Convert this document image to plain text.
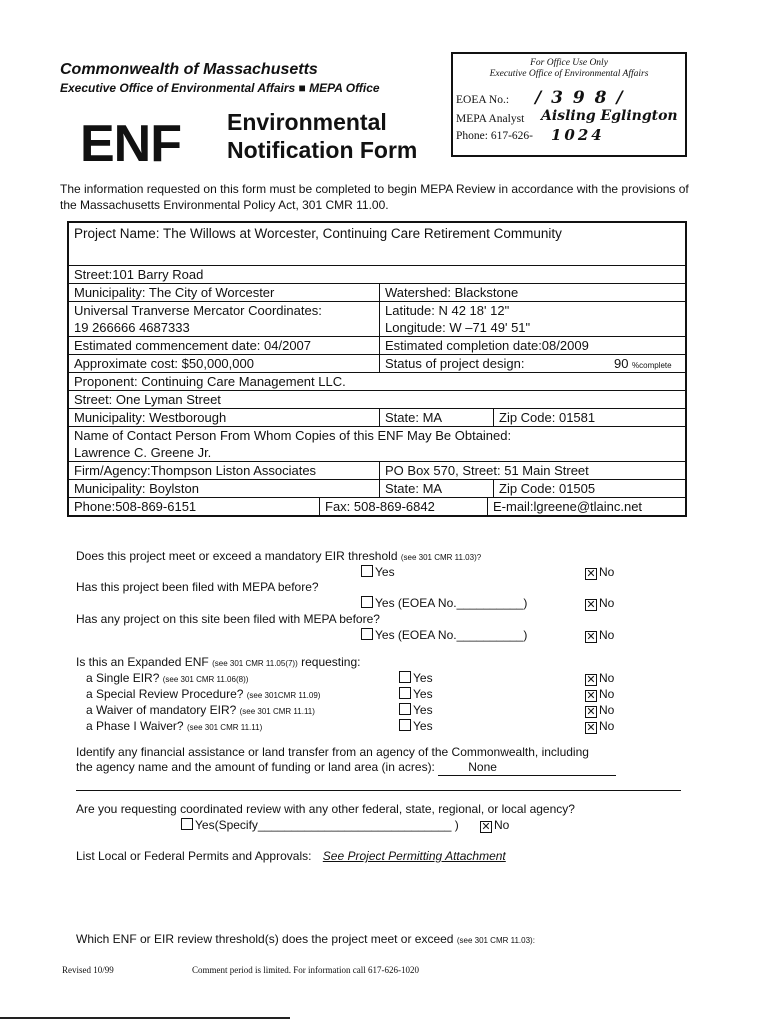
Commonwealth of Massachusetts
Executive Office of Environmental Affairs ■ MEPA Office
ENF Environmental
Notification Form
For Office Use Only
Executive Office of Environmental Affairs
EOEA No.: / 3 9 8 /
MEPA Analyst Aisling Eglington
Phone: 617-626- 1024
The information requested on this form must be completed to begin MEPA Review in accordance with the provisions of the Massachusetts Environmental Policy Act, 301 CMR 11.00.
Project Name: The Willows at Worcester, Continuing Care Retirement Community
Street:101 Barry Road
Municipality: The City of Worcester	Watershed: Blackstone
Universal Tranverse Mercator Coordinates:	Latitude: N 42 18' 12"
19 266666 4687333	Longitude: W –71 49' 51"
Estimated commencement date: 04/2007	Estimated completion date:08/2009
Approximate cost: $50,000,000	Status of project design:	90 %complete
Proponent: Continuing Care Management LLC.
Street: One Lyman Street
Municipality: Westborough	State: MA	Zip Code: 01581
Name of Contact Person From Whom Copies of this ENF May Be Obtained:
Lawrence C. Greene Jr.
Firm/Agency:Thompson Liston Associates	PO Box 570, Street: 51 Main Street
Municipality: Boylston	State: MA	Zip Code: 01505
Phone:508-869-6151	Fax: 508-869-6842	E-mail:lgreene@tlainc.net
Does this project meet or exceed a mandatory EIR threshold (see 301 CMR 11.03)?
Yes	✕ No
Has this project been filed with MEPA before?
Yes (EOEA No.__________)	✕ No
Has any project on this site been filed with MEPA before?
Yes (EOEA No.__________)	✕ No
Is this an Expanded ENF (see 301 CMR 11.05(7)) requesting:
a Single EIR? (see 301 CMR 11.06(8))	Yes	✕ No
a Special Review Procedure? (see 301CMR 11.09)	Yes	✕ No
a Waiver of mandatory EIR? (see 301 CMR 11.11)	Yes	✕ No
a Phase I Waiver? (see 301 CMR 11.11)	Yes	✕ No
Identify any financial assistance or land transfer from an agency of the Commonwealth, including
the agency name and the amount of funding or land area (in acres):	None
Are you requesting coordinated review with any other federal, state, regional, or local agency?
Yes(Specify_____________________________ ) ✕ No
List Local or Federal Permits and Approvals: See Project Permitting Attachment
Which ENF or EIR review threshold(s) does the project meet or exceed (see 301 CMR 11.03):
Revised 10/99	Comment period is limited. For information call 617-626-1020
